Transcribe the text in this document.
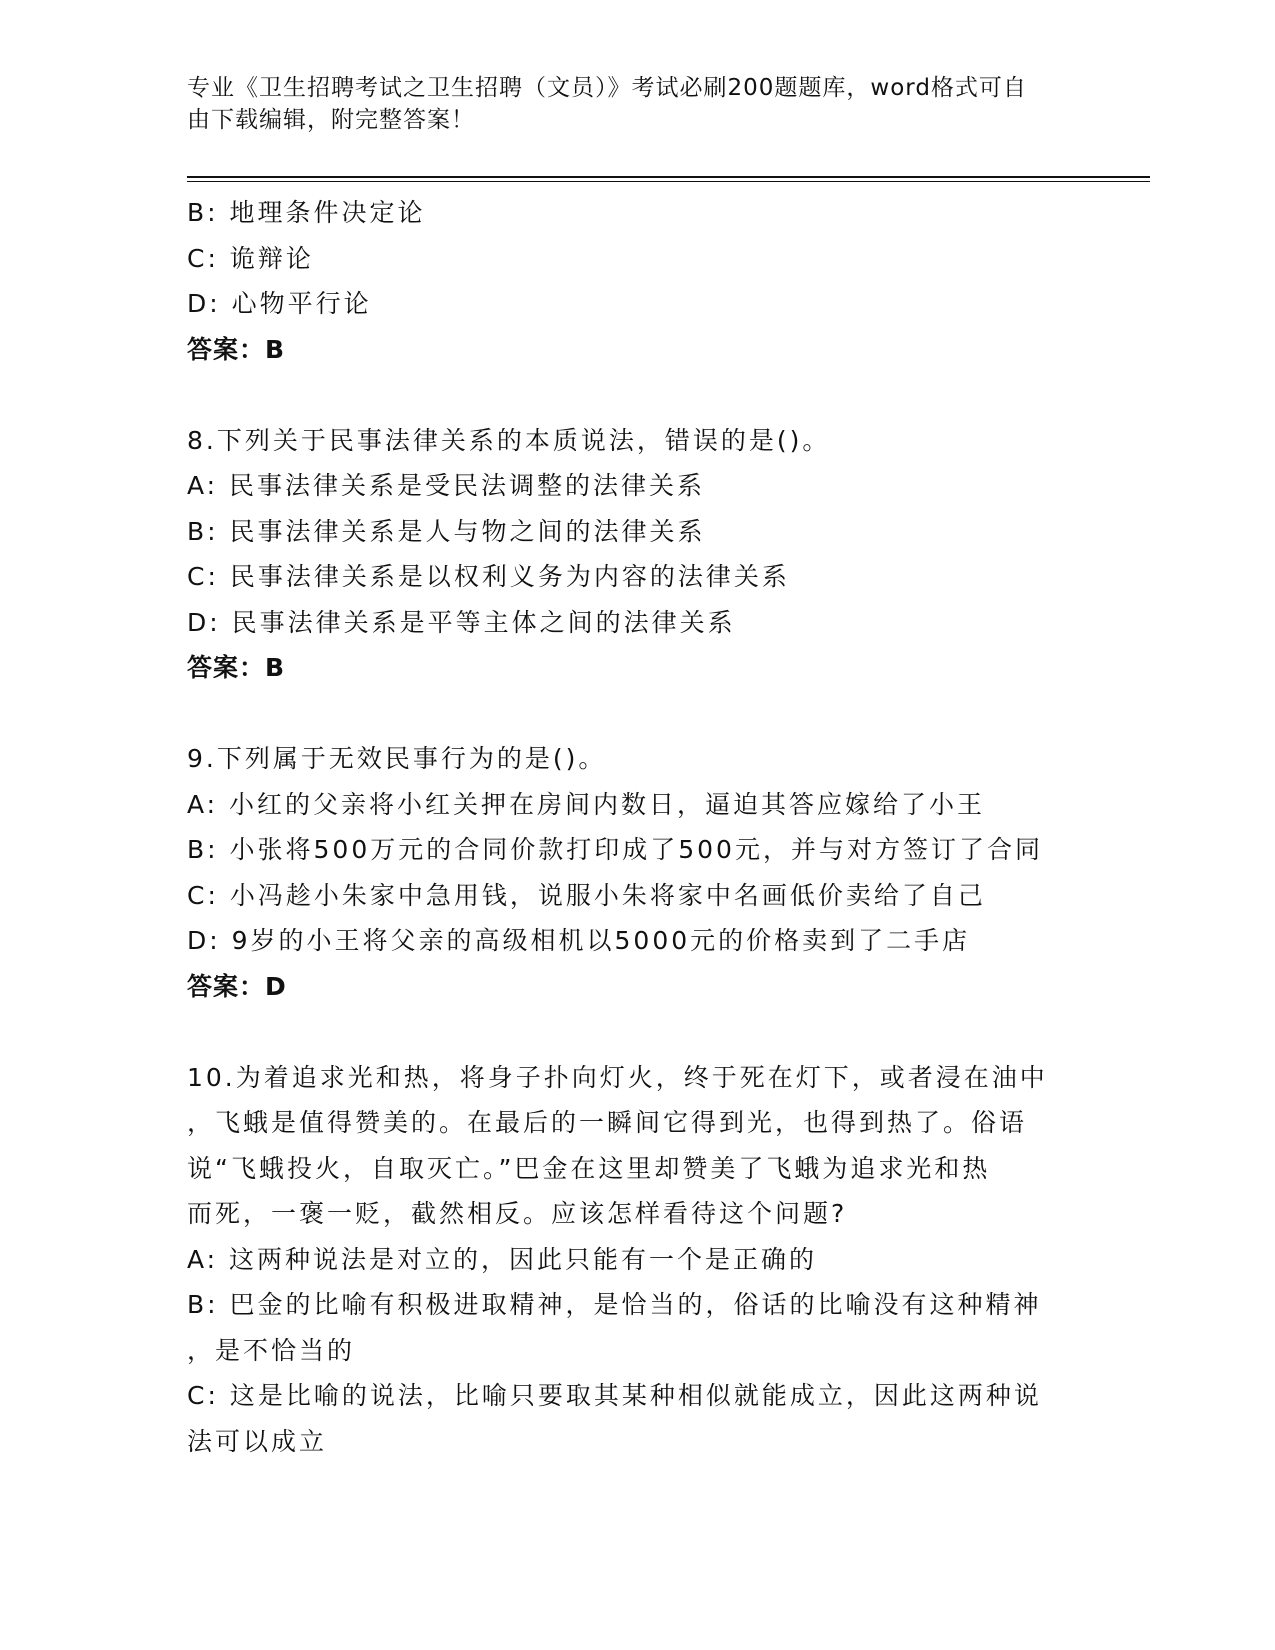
专业《卫生招聘考试之卫生招聘（文员）》考试必刷200题题库，word格式可自
由下载编辑，附完整答案！
B: 地理条件决定论
C: 诡辩论
D: 心物平行论
答案：B
8.下列关于民事法律关系的本质说法，错误的是()。
A: 民事法律关系是受民法调整的法律关系
B: 民事法律关系是人与物之间的法律关系
C: 民事法律关系是以权利义务为内容的法律关系
D: 民事法律关系是平等主体之间的法律关系
答案：B
9.下列属于无效民事行为的是()。
A: 小红的父亲将小红关押在房间内数日，逼迫其答应嫁给了小王
B: 小张将500万元的合同价款打印成了500元，并与对方签订了合同
C: 小冯趁小朱家中急用钱，说服小朱将家中名画低价卖给了自己
D: 9岁的小王将父亲的高级相机以5000元的价格卖到了二手店
答案：D
10.为着追求光和热，将身子扑向灯火，终于死在灯下，或者浸在油中
，飞蛾是值得赞美的。在最后的一瞬间它得到光，也得到热了。俗语
说“飞蛾投火，自取灭亡。”巴金在这里却赞美了飞蛾为追求光和热
而死，一褒一贬，截然相反。应该怎样看待这个问题?
A: 这两种说法是对立的，因此只能有一个是正确的
B: 巴金的比喻有积极进取精神，是恰当的，俗话的比喻没有这种精神
，是不恰当的
C: 这是比喻的说法，比喻只要取其某种相似就能成立，因此这两种说
法可以成立
